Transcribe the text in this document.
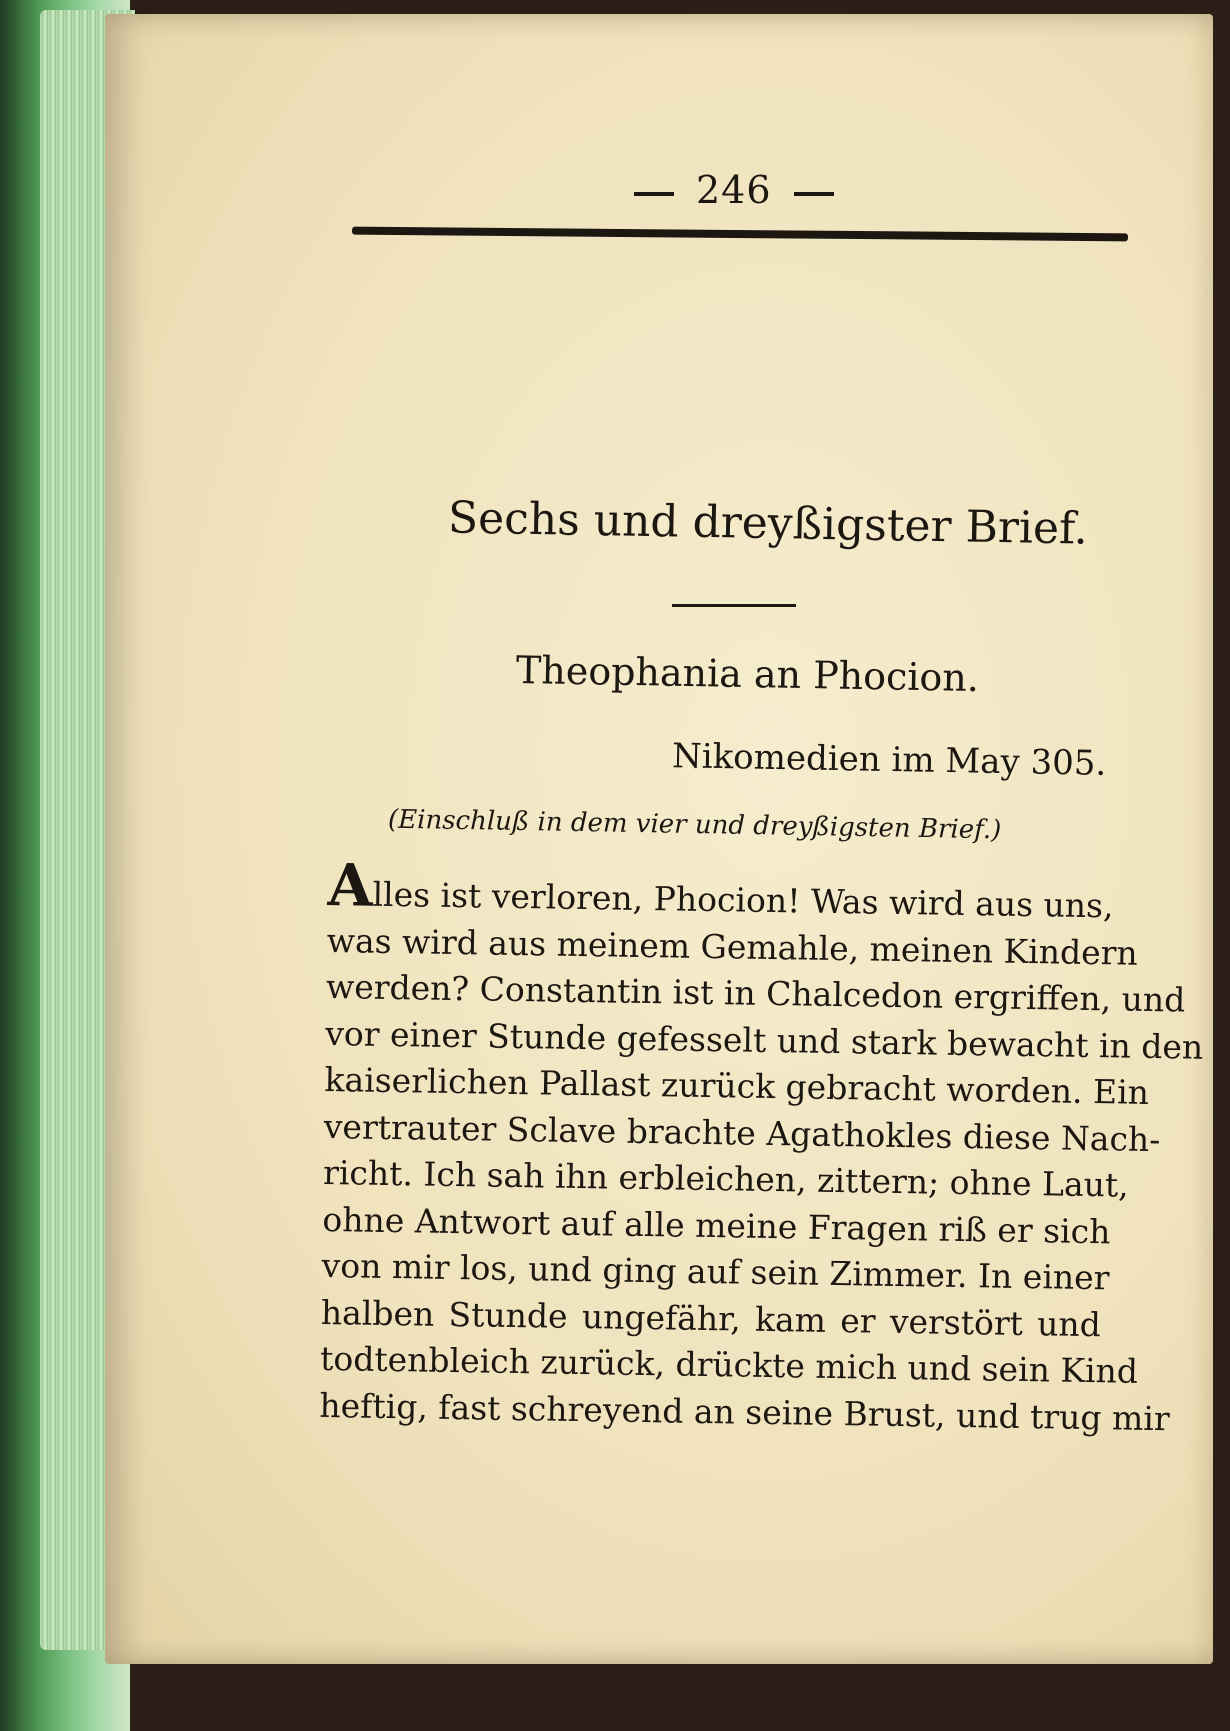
246
Sechs und dreyßigster Brief.
Theophania an Phocion.
Nikomedien im May 305.
(Einschluß in dem vier und dreyßigsten Brief.)
Alles ist verloren, Phocion! Was wird aus uns,
was wird aus meinem Gemahle, meinen Kindern
werden? Constantin ist in Chalcedon ergriffen, und
vor einer Stunde gefesselt und stark bewacht in den
kaiserlichen Pallast zurück gebracht worden. Ein
vertrauter Sclave brachte Agathokles diese Nach-
richt. Ich sah ihn erbleichen, zittern; ohne Laut,
ohne Antwort auf alle meine Fragen riß er sich
von mir los, und ging auf sein Zimmer. In einer
halben Stunde ungefähr, kam er verstört und
todtenbleich zurück, drückte mich und sein Kind
heftig, fast schreyend an seine Brust, und trug mir
